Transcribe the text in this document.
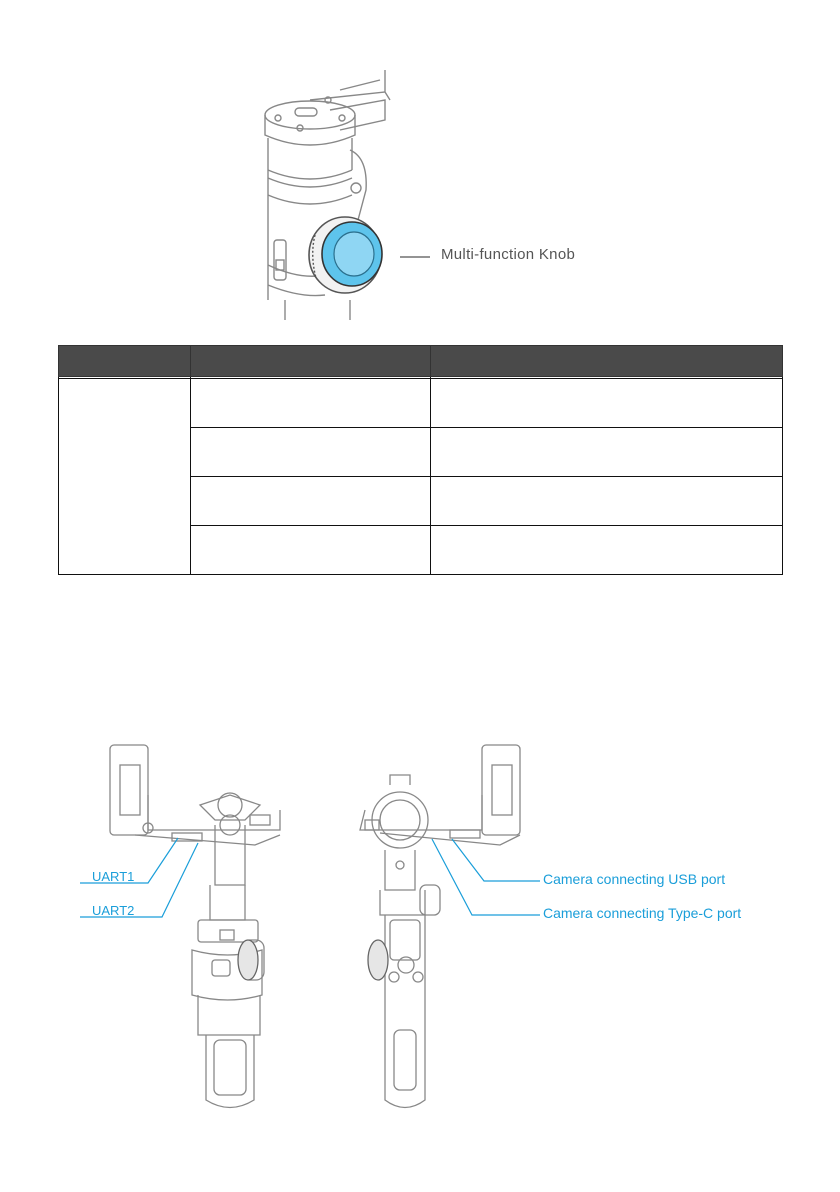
Multi-function Knob

UART1
UART2
Camera connecting USB port
Camera connecting Type-C port
